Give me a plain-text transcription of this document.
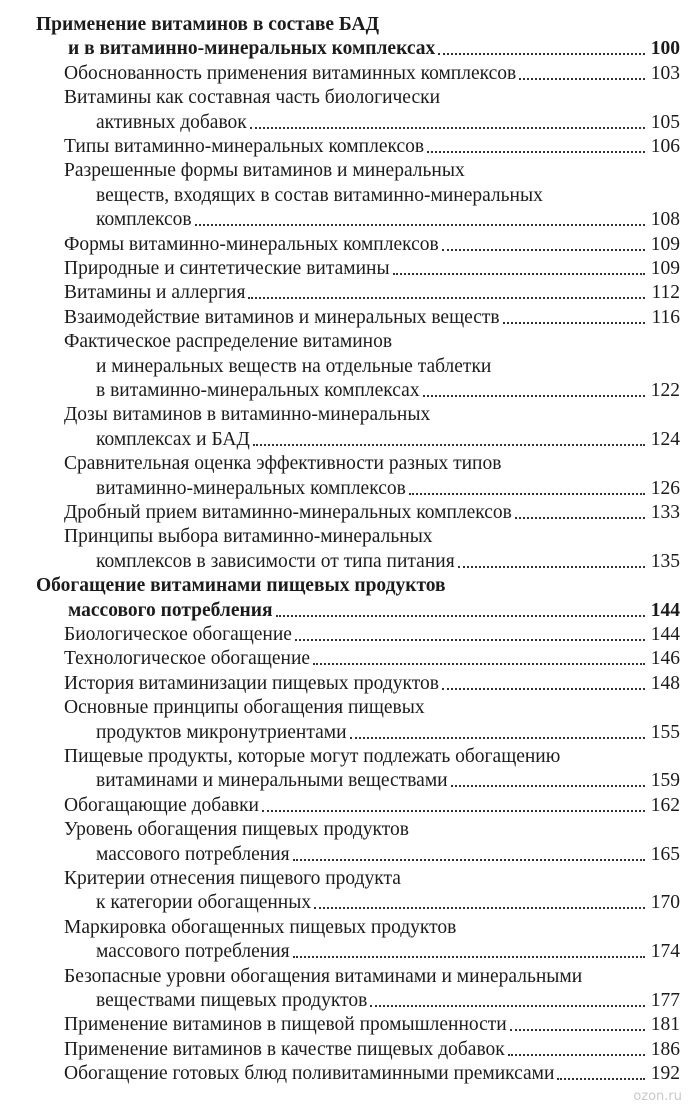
Применение витаминов в составе БАД
и в витаминно-минеральных комплексах	100
Обоснованность применения витаминных комплексов	103
Витамины как составная часть биологически
активных добавок	105
Типы витаминно-минеральных комплексов	106
Разрешенные формы витаминов и минеральных
веществ, входящих в состав витаминно-минеральных
комплексов	108
Формы витаминно-минеральных комплексов	109
Природные и синтетические витамины	109
Витамины и аллергия	112
Взаимодействие витаминов и минеральных веществ	116
Фактическое распределение витаминов
и минеральных веществ на отдельные таблетки
в витаминно-минеральных комплексах	122
Дозы витаминов в витаминно-минеральных
комплексах и БАД	124
Сравнительная оценка эффективности разных типов
витаминно-минеральных комплексов	126
Дробный прием витаминно-минеральных комплексов	133
Принципы выбора витаминно-минеральных
комплексов в зависимости от типа питания	135
Обогащение витаминами пищевых продуктов
массового потребления	144
Биологическое обогащение	144
Технологическое обогащение	146
История витаминизации пищевых продуктов	148
Основные принципы обогащения пищевых
продуктов микронутриентами	155
Пищевые продукты, которые могут подлежать обогащению
витаминами и минеральными веществами	159
Обогащающие добавки	162
Уровень обогащения пищевых продуктов
массового потребления	165
Критерии отнесения пищевого продукта
к категории обогащенных	170
Маркировка обогащенных пищевых продуктов
массового потребления	174
Безопасные уровни обогащения витаминами и минеральными
веществами пищевых продуктов	177
Применение витаминов в пищевой промышленности	181
Применение витаминов в качестве пищевых добавок	186
Обогащение готовых блюд поливитаминными премиксами	192
ozon.ru
